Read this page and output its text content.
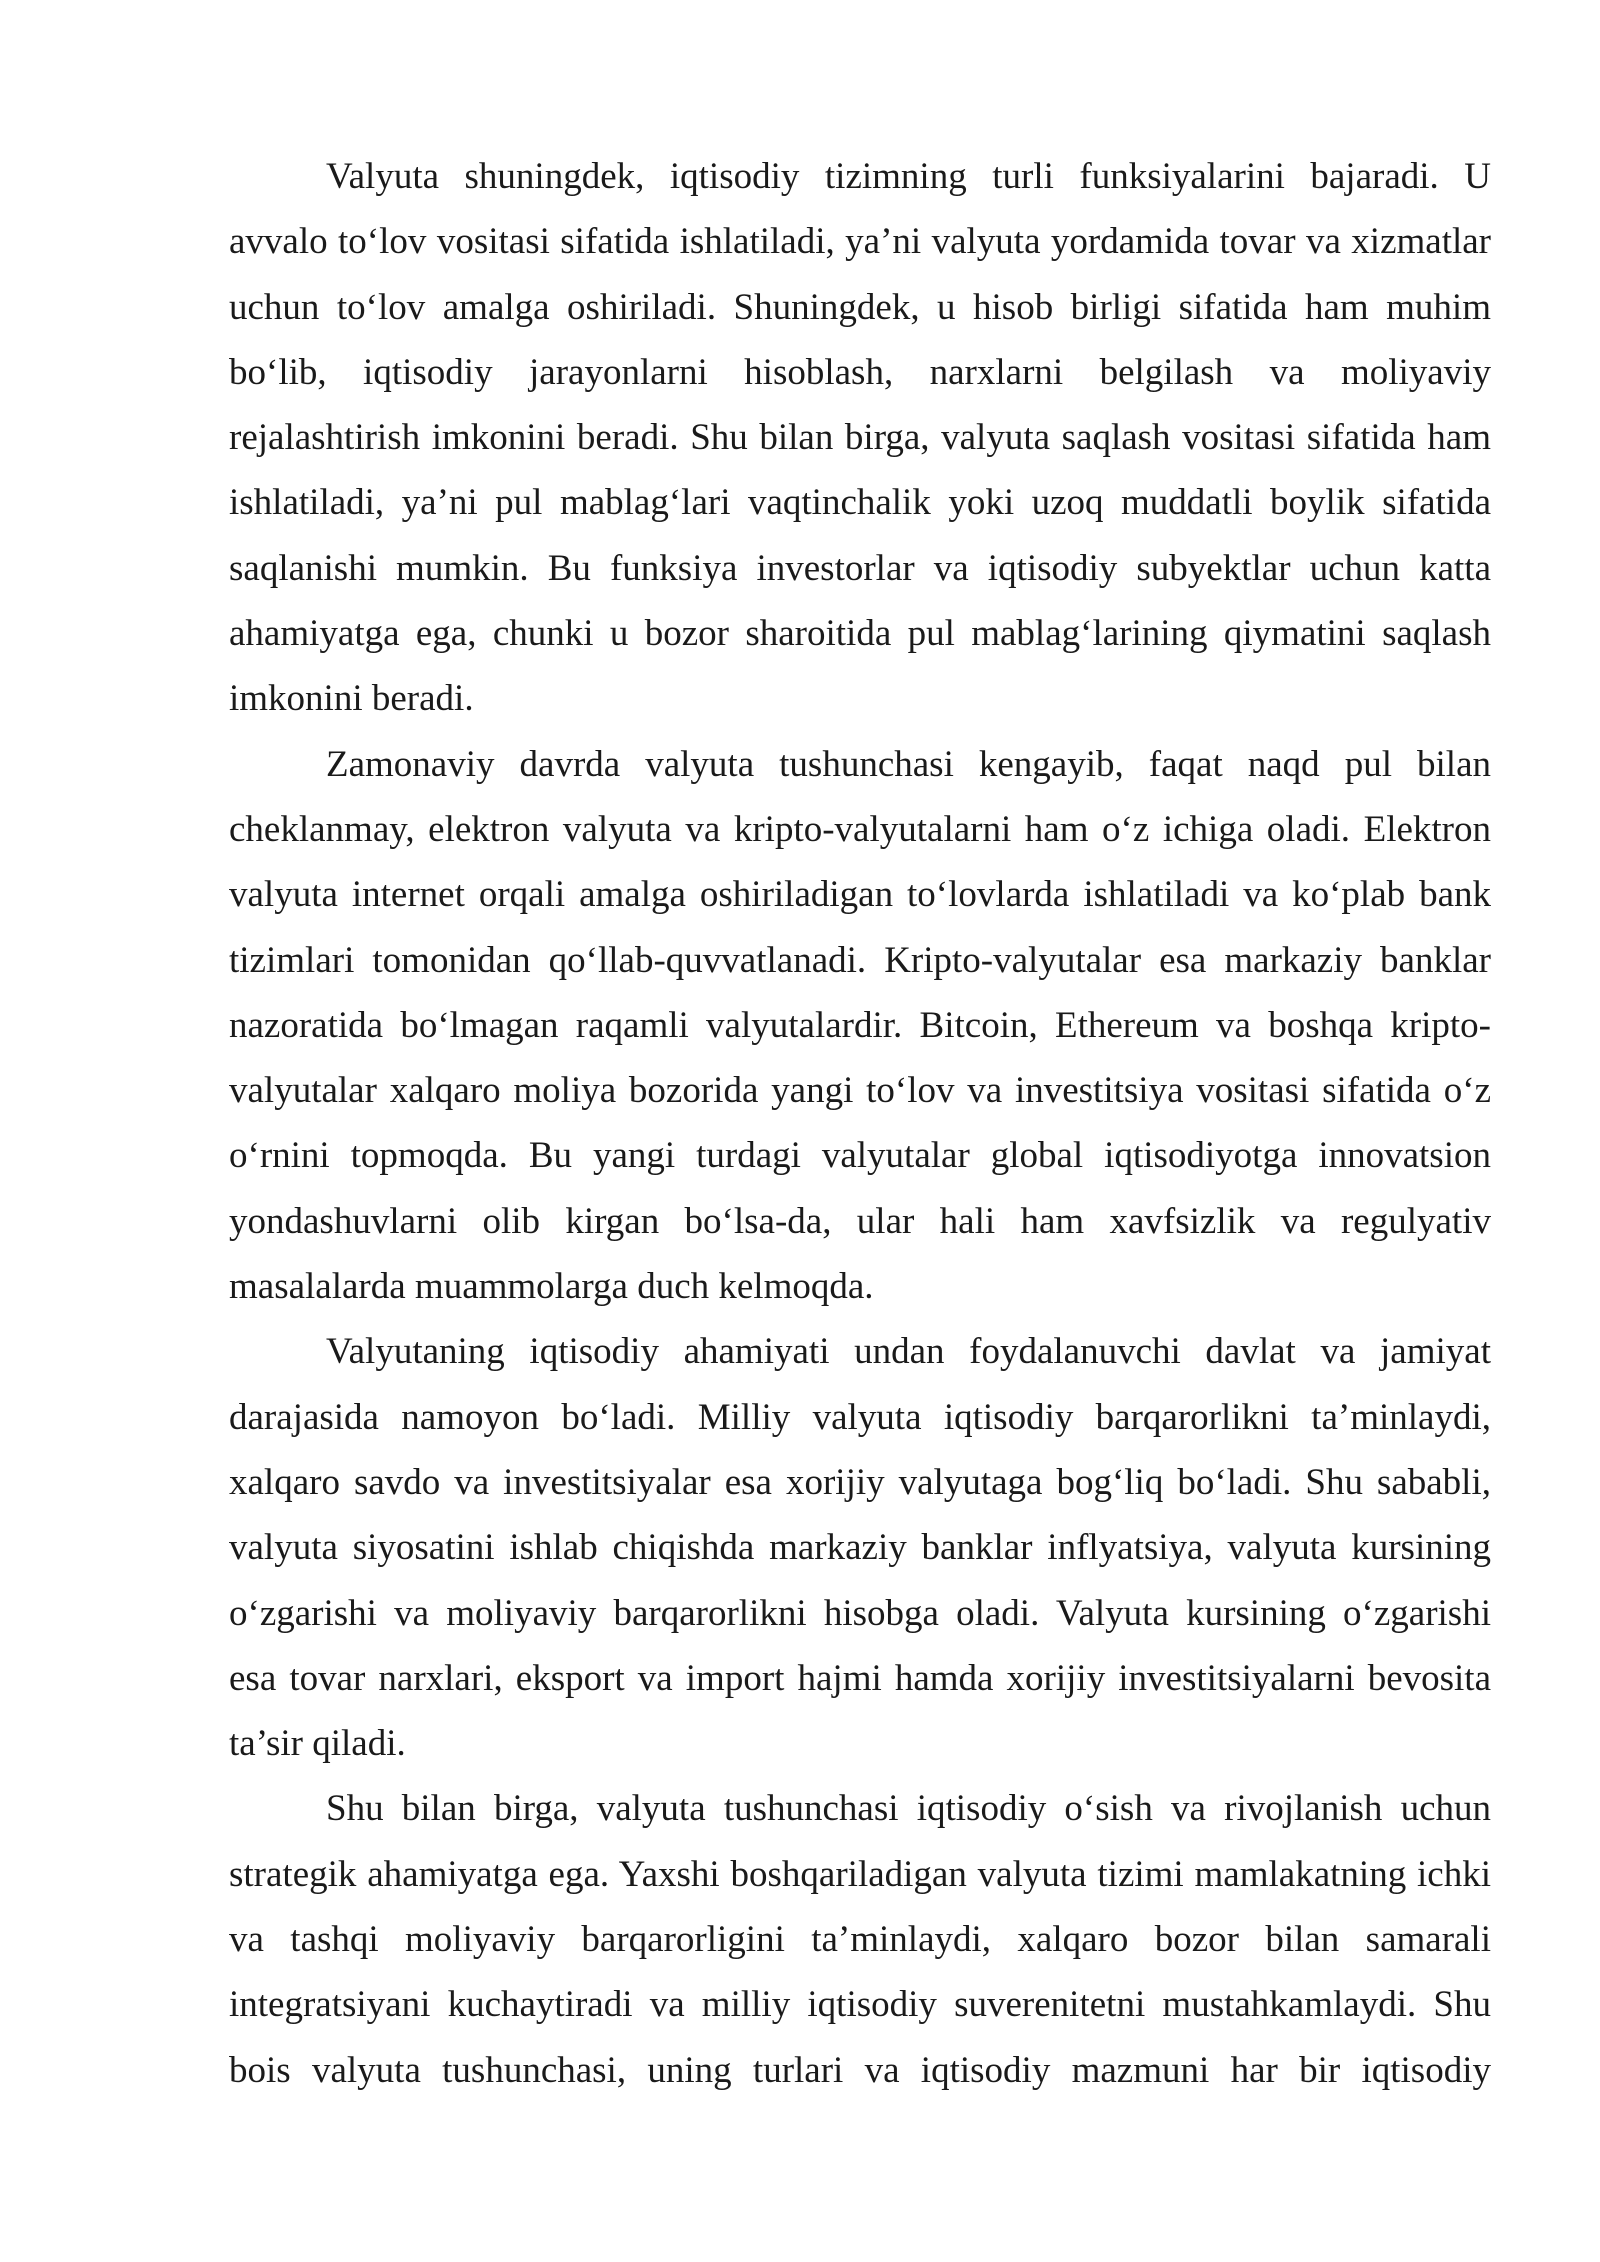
Valyuta shuningdek, iqtisodiy tizimning turli funksiyalarini bajaradi. U
avvalo to‘lov vositasi sifatida ishlatiladi, ya’ni valyuta yordamida tovar va xizmatlar
uchun to‘lov amalga oshiriladi. Shuningdek, u hisob birligi sifatida ham muhim
bo‘lib, iqtisodiy jarayonlarni hisoblash, narxlarni belgilash va moliyaviy
rejalashtirish imkonini beradi. Shu bilan birga, valyuta saqlash vositasi sifatida ham
ishlatiladi, ya’ni pul mablag‘lari vaqtinchalik yoki uzoq muddatli boylik sifatida
saqlanishi mumkin. Bu funksiya investorlar va iqtisodiy subyektlar uchun katta
ahamiyatga ega, chunki u bozor sharoitida pul mablag‘larining qiymatini saqlash
imkonini beradi.
Zamonaviy davrda valyuta tushunchasi kengayib, faqat naqd pul bilan
cheklanmay, elektron valyuta va kripto-valyutalarni ham o‘z ichiga oladi. Elektron
valyuta internet orqali amalga oshiriladigan to‘lovlarda ishlatiladi va ko‘plab bank
tizimlari tomonidan qo‘llab-quvvatlanadi. Kripto-valyutalar esa markaziy banklar
nazoratida bo‘lmagan raqamli valyutalardir. Bitcoin, Ethereum va boshqa kripto-
valyutalar xalqaro moliya bozorida yangi to‘lov va investitsiya vositasi sifatida o‘z
o‘rnini topmoqda. Bu yangi turdagi valyutalar global iqtisodiyotga innovatsion
yondashuvlarni olib kirgan bo‘lsa-da, ular hali ham xavfsizlik va regulyativ
masalalarda muammolarga duch kelmoqda.
Valyutaning iqtisodiy ahamiyati undan foydalanuvchi davlat va jamiyat
darajasida namoyon bo‘ladi. Milliy valyuta iqtisodiy barqarorlikni ta’minlaydi,
xalqaro savdo va investitsiyalar esa xorijiy valyutaga bog‘liq bo‘ladi. Shu sababli,
valyuta siyosatini ishlab chiqishda markaziy banklar inflyatsiya, valyuta kursining
o‘zgarishi va moliyaviy barqarorlikni hisobga oladi. Valyuta kursining o‘zgarishi
esa tovar narxlari, eksport va import hajmi hamda xorijiy investitsiyalarni bevosita
ta’sir qiladi.
Shu bilan birga, valyuta tushunchasi iqtisodiy o‘sish va rivojlanish uchun
strategik ahamiyatga ega. Yaxshi boshqariladigan valyuta tizimi mamlakatning ichki
va tashqi moliyaviy barqarorligini ta’minlaydi, xalqaro bozor bilan samarali
integratsiyani kuchaytiradi va milliy iqtisodiy suverenitetni mustahkamlaydi. Shu
bois valyuta tushunchasi, uning turlari va iqtisodiy mazmuni har bir iqtisodiy
